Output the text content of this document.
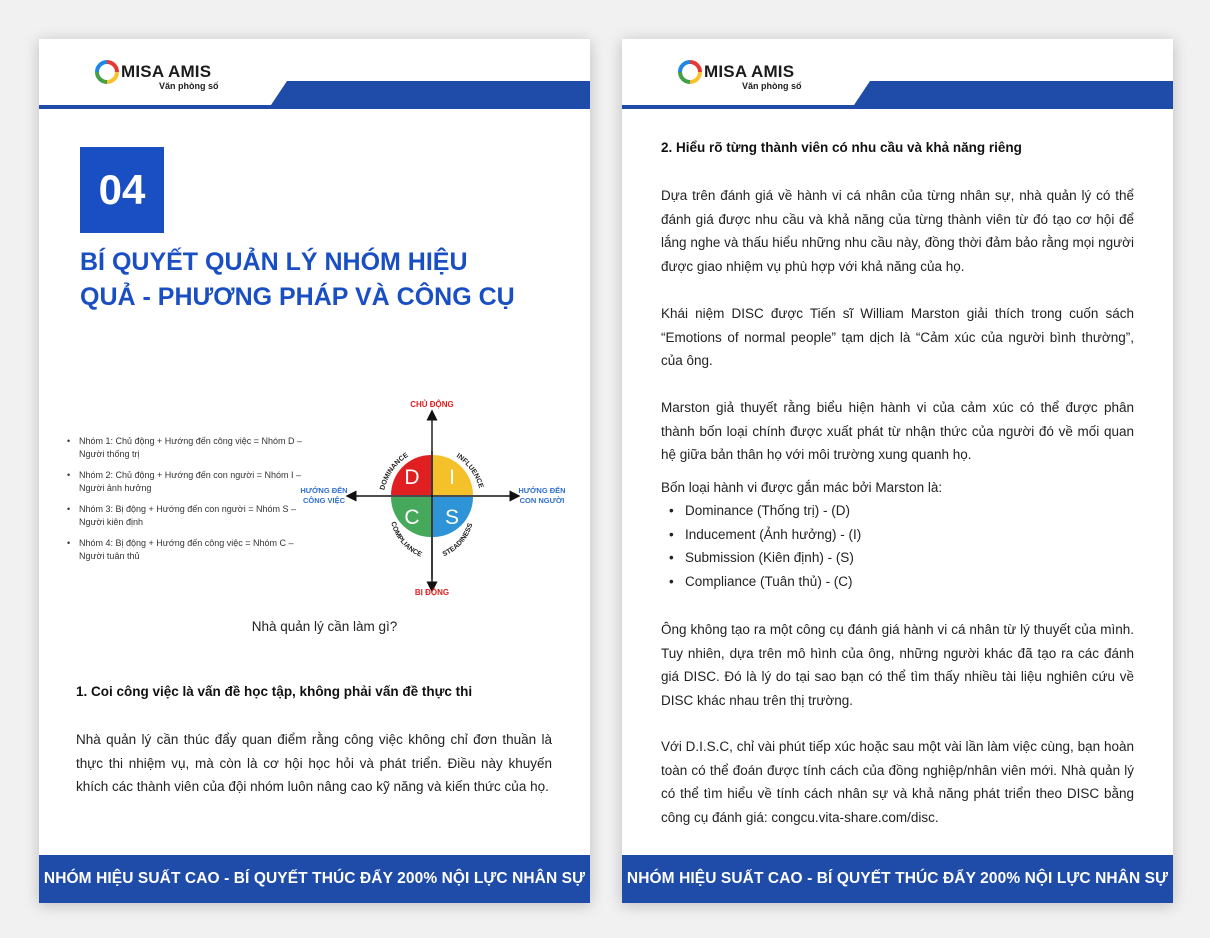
MISA AMIS
Văn phòng số
04
BÍ QUYẾT QUẢN LÝ NHÓM HIỆU
QUẢ - PHƯƠNG PHÁP VÀ CÔNG CỤ
• Nhóm 1: Chủ động + Hướng đến công việc = Nhóm D – Người thống trị
• Nhóm 2: Chủ động + Hướng đến con người = Nhóm I – Người ảnh hưởng
• Nhóm 3: Bị động + Hướng đến con người = Nhóm S – Người kiên định
• Nhóm 4: Bị động + Hướng đến công việc = Nhóm C – Người tuân thủ
D I
C S
DOMINANCE	INFLUENCE
COMPLIANCE	STEADINESS
CHỦ ĐỘNG
BỊ ĐỘNG
HƯỚNG ĐẾN
CÔNG VIỆC
HƯỚNG ĐẾN
CON NGƯỜI
Nhà quản lý cần làm gì?
1. Coi công việc là vấn đề học tập, không phải vấn đề thực thi
Nhà quản lý cần thúc đẩy quan điểm rằng công việc không chỉ đơn thuần là thực thi nhiệm vụ, mà còn là cơ hội học hỏi và phát triển. Điều này khuyến khích các thành viên của đội nhóm luôn nâng cao kỹ năng và kiến thức của họ.
NHÓM HIỆU SUẤT CAO - BÍ QUYẾT THÚC ĐẨY 200% NỘI LỰC NHÂN SỰ
MISA AMIS
Văn phòng số
2. Hiểu rõ từng thành viên có nhu cầu và khả năng riêng
Dựa trên đánh giá về hành vi cá nhân của từng nhân sự, nhà quản lý có thể đánh giá được nhu cầu và khả năng của từng thành viên từ đó tạo cơ hội để lắng nghe và thấu hiểu những nhu cầu này, đồng thời đảm bảo rằng mọi người được giao nhiệm vụ phù hợp với khả năng của họ.
Khái niệm DISC được Tiến sĩ William Marston giải thích trong cuốn sách “Emotions of normal people” tạm dịch là “Cảm xúc của người bình thường”, của ông.
Marston giả thuyết rằng biểu hiện hành vi của cảm xúc có thể được phân thành bốn loại chính được xuất phát từ nhận thức của người đó về mối quan hệ giữa bản thân họ với môi trường xung quanh họ.
Bốn loại hành vi được gắn mác bởi Marston là:
• Dominance (Thống trị) - (D)
• Inducement (Ảnh hưởng) - (I)
• Submission (Kiên định) - (S)
• Compliance (Tuân thủ) - (C)
Ông không tạo ra một công cụ đánh giá hành vi cá nhân từ lý thuyết của mình. Tuy nhiên, dựa trên mô hình của ông, những người khác đã tạo ra các đánh giá DISC. Đó là lý do tại sao bạn có thể tìm thấy nhiều tài liệu nghiên cứu về DISC khác nhau trên thị trường.
Với D.I.S.C, chỉ vài phút tiếp xúc hoặc sau một vài lần làm việc cùng, bạn hoàn toàn có thể đoán được tính cách của đồng nghiệp/nhân viên mới. Nhà quản lý có thể tìm hiểu về tính cách nhân sự và khả năng phát triển theo DISC bằng công cụ đánh giá: congcu.vita-share.com/disc.
NHÓM HIỆU SUẤT CAO - BÍ QUYẾT THÚC ĐẨY 200% NỘI LỰC NHÂN SỰ
